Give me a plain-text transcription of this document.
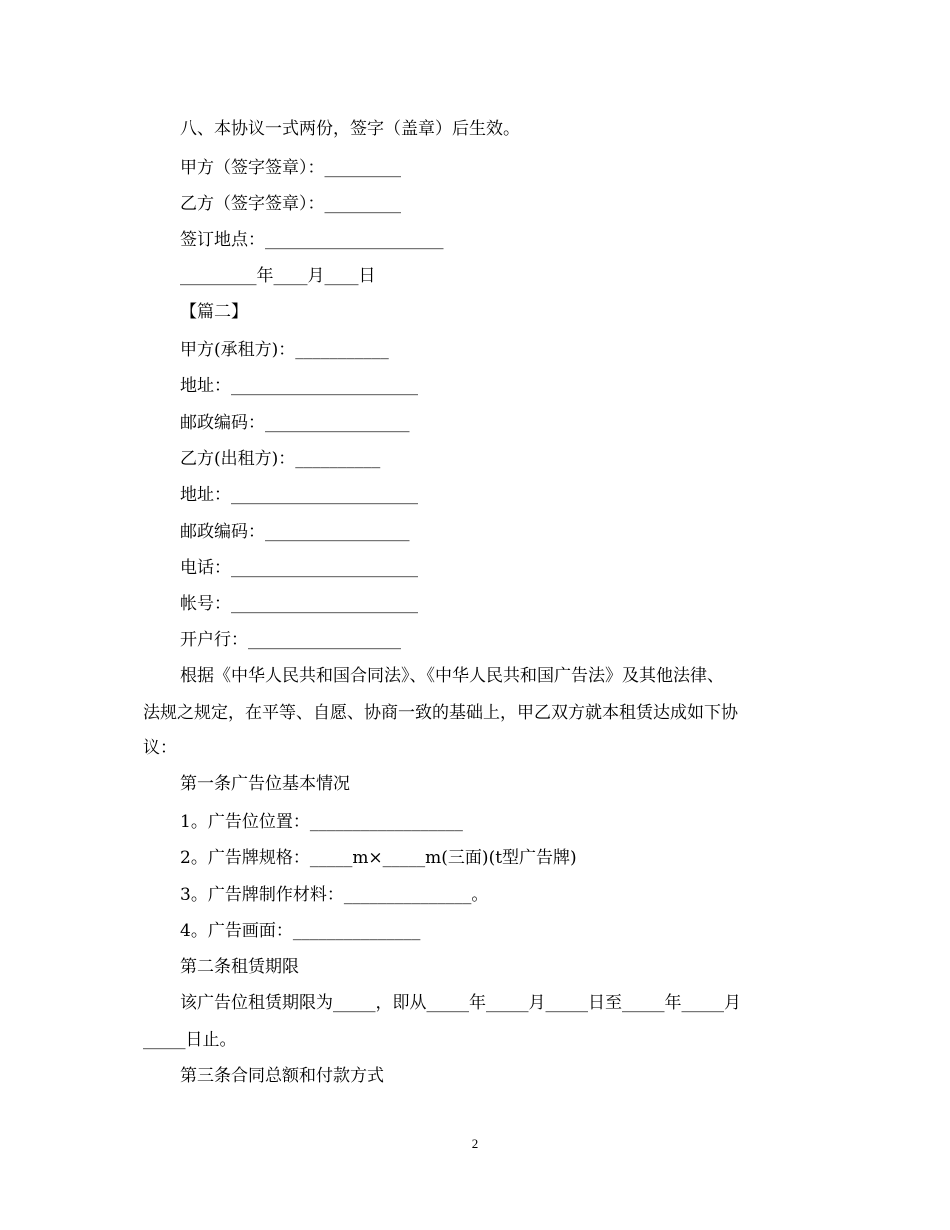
八、本协议一式两份，签字（盖章）后生效。
甲方（签字签章）：_________
乙方（签字签章）：_________
签订地点：_____________________
_________年____月____日
【篇二】
甲方(承租方)：___________
地址：______________________
邮政编码：_________________
乙方(出租方)：__________
地址：______________________
邮政编码：_________________
电话：______________________
帐号：______________________
开户行：__________________
根据《中华人民共和国合同法》、《中华人民共和国广告法》及其他法律、
法规之规定，在平等、自愿、协商一致的基础上，甲乙双方就本租赁达成如下协
议：
第一条广告位基本情况
1。广告位位置：__________________
2。广告牌规格：_____m×_____m(三面)(t型广告牌)
3。广告牌制作材料：_______________。
4。广告画面：_______________
第二条租赁期限
该广告位租赁期限为_____，即从_____年_____月_____日至_____年_____月
_____日止。
第三条合同总额和付款方式
2
